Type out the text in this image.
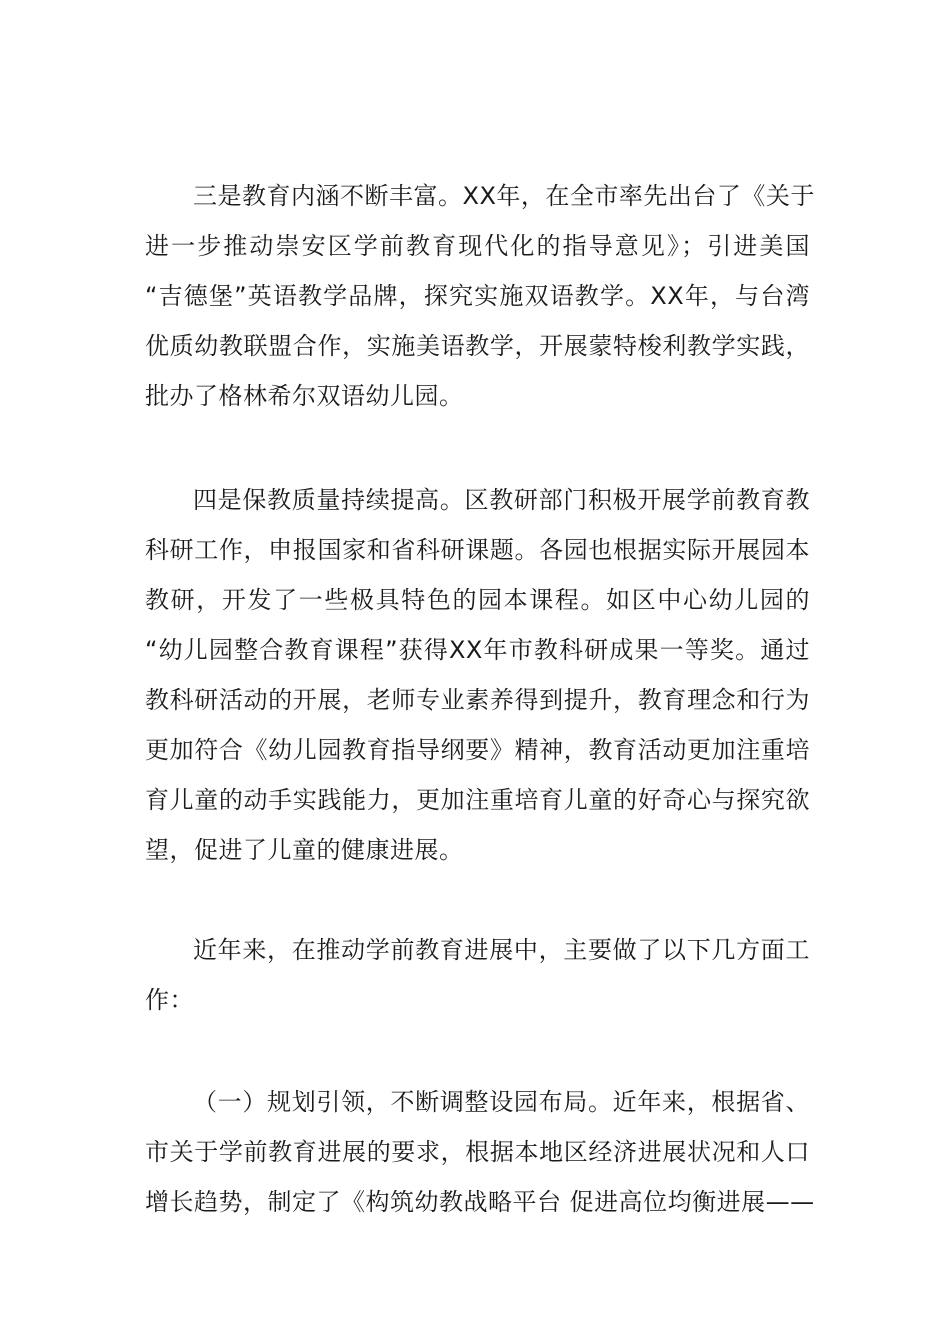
三是教育内涵不断丰富。XX年，在全市率先出台了《关于
进一步推动崇安区学前教育现代化的指导意见》；引进美国
“吉德堡”英语教学品牌，探究实施双语教学。XX年，与台湾
优质幼教联盟合作，实施美语教学，开展蒙特梭利教学实践，
批办了格林希尔双语幼儿园。
四是保教质量持续提高。区教研部门积极开展学前教育教
科研工作，申报国家和省科研课题。各园也根据实际开展园本
教研，开发了一些极具特色的园本课程。如区中心幼儿园的
“幼儿园整合教育课程”获得XX年市教科研成果一等奖。通过
教科研活动的开展，老师专业素养得到提升，教育理念和行为
更加符合《幼儿园教育指导纲要》精神，教育活动更加注重培
育儿童的动手实践能力，更加注重培育儿童的好奇心与探究欲
望，促进了儿童的健康进展。
近年来，在推动学前教育进展中，主要做了以下几方面工
作：
（一）规划引领，不断调整设园布局。近年来，根据省、
市关于学前教育进展的要求，根据本地区经济进展状况和人口
增长趋势，制定了《构筑幼教战略平台 促进高位均衡进展——
